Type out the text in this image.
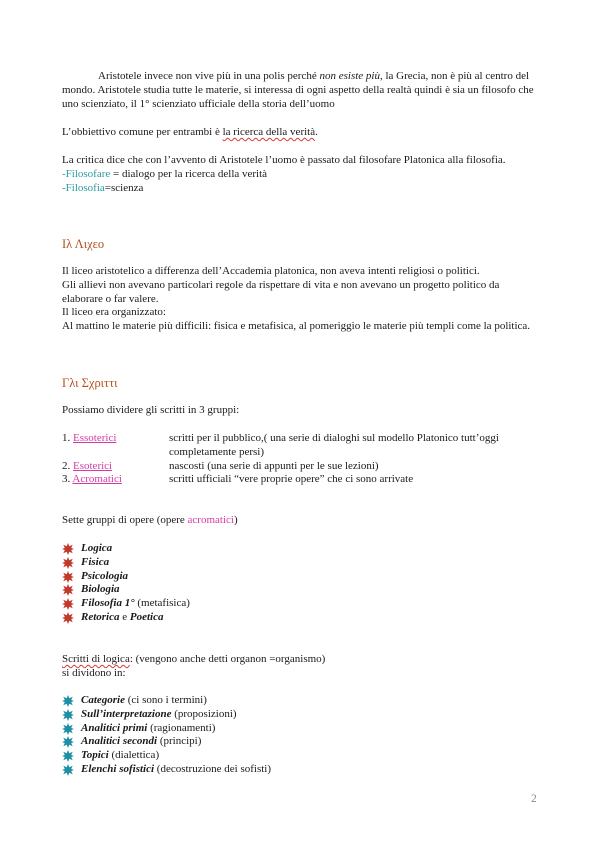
Aristotele invece non vive più in una polis perché non esiste più, la Grecia, non è più al centro del mondo. Aristotele studia tutte le materie, si interessa di ogni aspetto della realtà quindi è sia un filosofo che uno scienziato, il 1° scienziato ufficiale della storia dell’uomo
L’obbiettivo comune per entrambi è la ricerca della verità.
La critica dice che con l’avvento di Aristotele l’uomo è passato dal filosofare Platonica alla filosofia.
-Filosofare = dialogo per la ricerca della verità
-Filosofia=scienza
Ιλ Λιχεο
Il liceo aristotelico a differenza dell’Accademia platonica, non aveva intenti religiosi o politici.
Gli allievi non avevano particolari regole da rispettare di vita e non avevano un progetto politico da elaborare o far valere.
Il liceo era organizzato:
Al mattino le materie più difficili: fisica e metafisica, al pomeriggio le materie più templi come la politica.
Γλι Σχριττι
Possiamo dividere gli scritti in 3 gruppi:
1. Essoterici	scritti per il pubblico,( una serie di dialoghi sul modello Platonico tutt’oggi completamente persi)
2. Esoterici	nascosti (una serie di appunti per le sue lezioni)
3. Acromatici	scritti ufficiali “vere proprie opere” che ci sono arrivate
Sette gruppi di opere (opere acromatici)
Logica
Fisica
Psicologia
Biologia
Filosofia 1° (metafisica)
Retorica e Poetica
Scritti di logica: (vengono anche detti organon =organismo)
si dividono in:
Categorie (ci sono i termini)
Sull’interpretazione (proposizioni)
Analitici primi (ragionamenti)
Analitici secondi (principi)
Topici (dialettica)
Elenchi sofistici (decostruzione dei sofisti)
2
